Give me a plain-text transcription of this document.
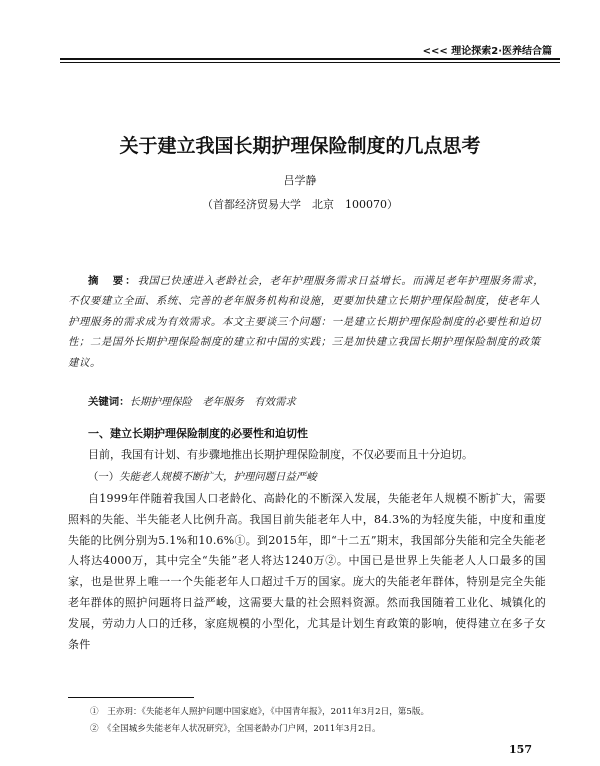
<<< 理论探索2·医养结合篇
关于建立我国长期护理保险制度的几点思考
吕学静
（首都经济贸易大学　北京　100070）
摘　要：我国已快速进入老龄社会，老年护理服务需求日益增长。而满足老年护理服务需求，不仅要建立全面、系统、完善的老年服务机构和设施，更要加快建立长期护理保险制度，使老年人护理服务的需求成为有效需求。本文主要谈三个问题：一是建立长期护理保险制度的必要性和迫切性；二是国外长期护理保险制度的建立和中国的实践；三是加快建立我国长期护理保险制度的政策建议。
关键词：长期护理保险　老年服务　有效需求
一、建立长期护理保险制度的必要性和迫切性
目前，我国有计划、有步骤地推出长期护理保险制度，不仅必要而且十分迫切。
（一）失能老人规模不断扩大，护理问题日益严峻
自1999年伴随着我国人口老龄化、高龄化的不断深入发展，失能老年人规模不断扩大，需要照料的失能、半失能老人比例升高。我国目前失能老年人中，84.3%的为轻度失能，中度和重度失能的比例分别为5.1%和10.6%①。到2015年，即“十二五”期末，我国部分失能和完全失能老人将达4000万，其中完全“失能”老人将达1240万②。中国已是世界上失能老人人口最多的国家，也是世界上唯一一个失能老年人口超过千万的国家。庞大的失能老年群体，特别是完全失能老年群体的照护问题将日益严峻，这需要大量的社会照料资源。然而我国随着工业化、城镇化的发展，劳动力人口的迁移，家庭规模的小型化，尤其是计划生育政策的影响，使得建立在多子女条件
①　王亦玥：《失能老年人照护问题中国家庭》，《中国青年报》，2011年3月2日，第5版。
②　《全国城乡失能老年人状况研究》，全国老龄办门户网，2011年3月2日。
157
